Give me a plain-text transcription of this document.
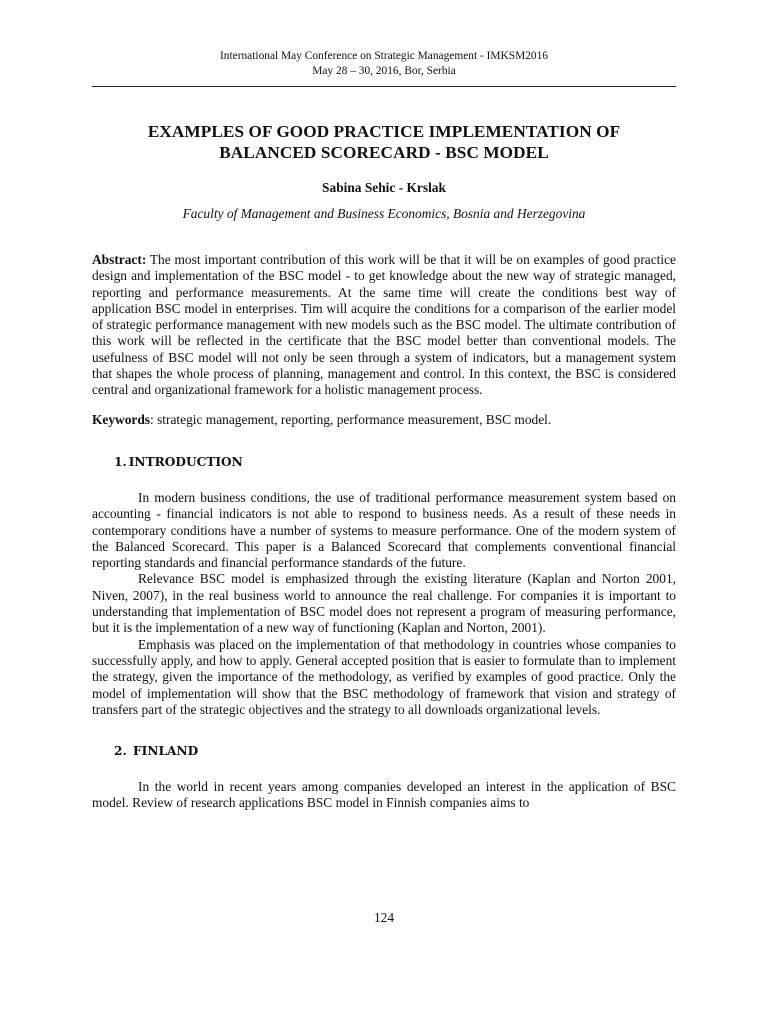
International May Conference on Strategic Management - IMKSM2016
May 28 – 30, 2016, Bor, Serbia
EXAMPLES OF GOOD PRACTICE IMPLEMENTATION OF
BALANCED SCORECARD - BSC MODEL
Sabina Sehic - Krslak
Faculty of Management and Business Economics, Bosnia and Herzegovina
Abstract: The most important contribution of this work will be that it will be on examples of good practice design and implementation of the BSC model - to get knowledge about the new way of strategic managed, reporting and performance measurements. At the same time will create the conditions best way of application BSC model in enterprises. Tim will acquire the conditions for a comparison of the earlier model of strategic performance management with new models such as the BSC model. The ultimate contribution of this work will be reflected in the certificate that the BSC model better than conventional models. The usefulness of BSC model will not only be seen through a system of indicators, but a management system that shapes the whole process of planning, management and control. In this context, the BSC is considered central and organizational framework for a holistic management process.
Keywords: strategic management, reporting, performance measurement, BSC model.
1. INTRODUCTION
In modern business conditions, the use of traditional performance measurement system based on accounting - financial indicators is not able to respond to business needs. As a result of these needs in contemporary conditions have a number of systems to measure performance. One of the modern system of the Balanced Scorecard. This paper is a Balanced Scorecard that complements conventional financial reporting standards and financial performance standards of the future.
Relevance BSC model is emphasized through the existing literature (Kaplan and Norton 2001, Niven, 2007), in the real business world to announce the real challenge. For companies it is important to understanding that implementation of BSC model does not represent a program of measuring performance, but it is the implementation of a new way of functioning (Kaplan and Norton, 2001).
Emphasis was placed on the implementation of that methodology in countries whose companies to successfully apply, and how to apply. General accepted position that is easier to formulate than to implement the strategy, given the importance of the methodology, as verified by examples of good practice. Only the model of implementation will show that the BSC methodology of framework that vision and strategy of transfers part of the strategic objectives and the strategy to all downloads organizational levels.
2. FINLAND
In the world in recent years among companies developed an interest in the application of BSC model. Review of research applications BSC model in Finnish companies aims to
124
